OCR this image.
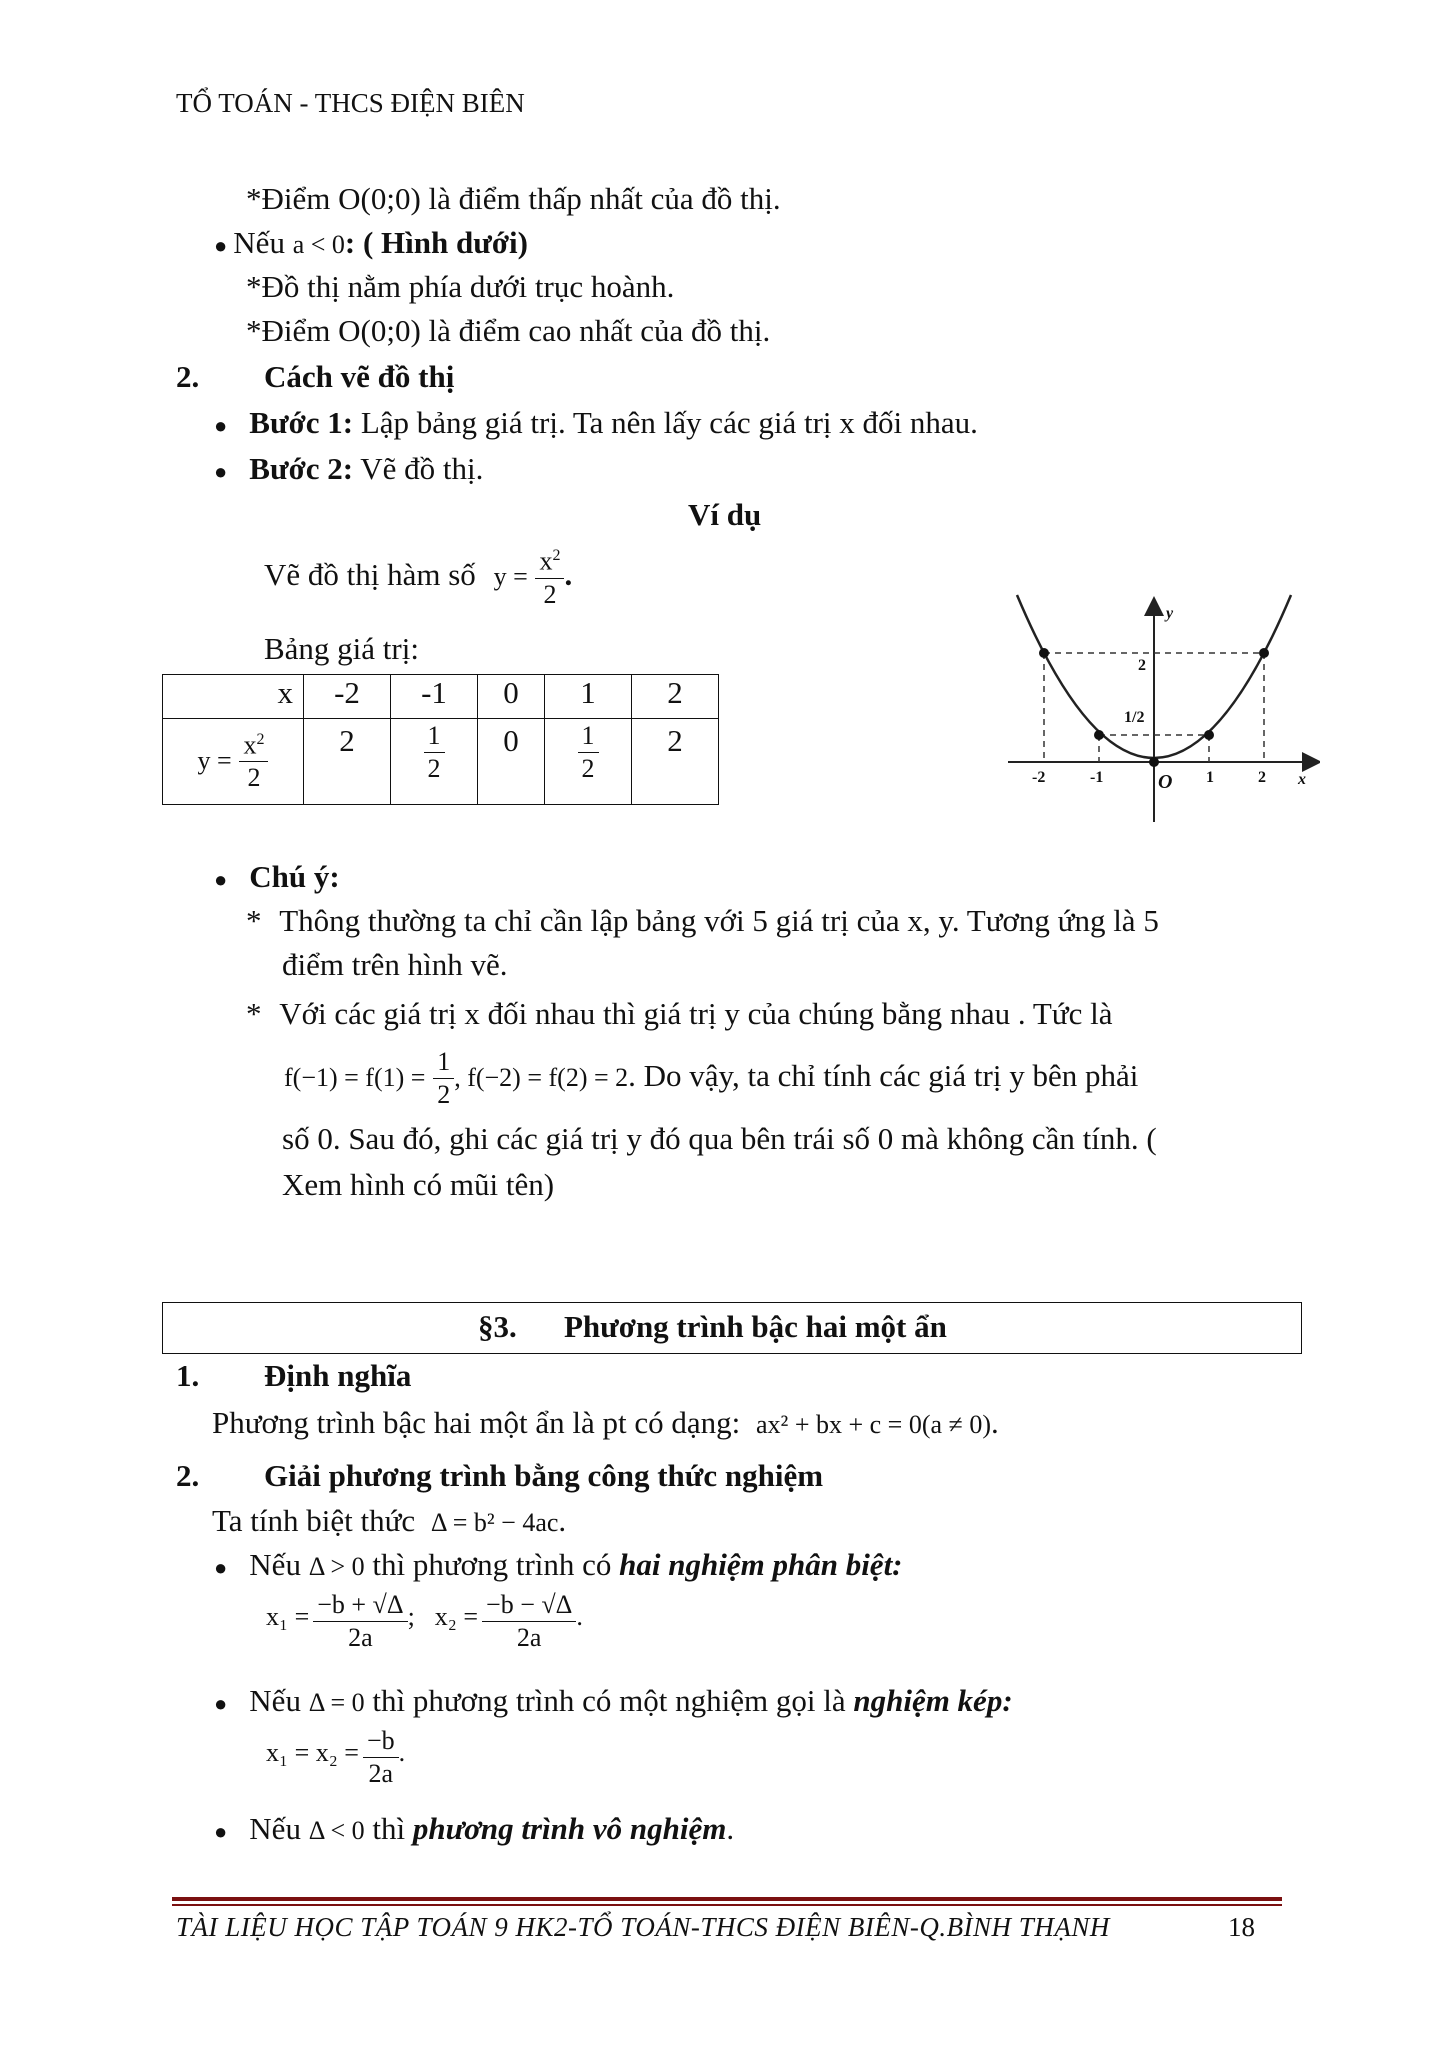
TỔ TOÁN - THCS ĐIỆN BIÊN
*Điểm O(0;0) là điểm thấp nhất của đồ thị.
● Nếu a < 0: ( Hình dưới)
*Đồ thị nằm phía dưới trục hoành.
*Điểm O(0;0) là điểm cao nhất của đồ thị.
2. Cách vẽ đồ thị
● Bước 1: Lập bảng giá trị. Ta nên lấy các giá trị x đối nhau.
● Bước 2: Vẽ đồ thị.
Ví dụ
Vẽ đồ thị hàm số $y = \frac{x^2}{2}$ .
Bảng giá trị:
x	-2	-1	0	1	2
$y = \frac{x^2}{2}$	2	$\frac{1}{2}$	0	$\frac{1}{2}$	2
y
x
O
-2	-1	1	2
2
1/2
● Chú ý:
* Thông thường ta chỉ cần lập bảng với 5 giá trị của x, y. Tương ứng là 5
điểm trên hình vẽ.
* Với các giá trị x đối nhau thì giá trị y của chúng bằng nhau . Tức là
$f(-1) = f(1) = \frac{1}{2}$ , f(−2) = f(2) = 2. Do vậy, ta chỉ tính các giá trị y bên phải
số 0. Sau đó, ghi các giá trị y đó qua bên trái số 0 mà không cần tính. (
Xem hình có mũi tên)
§3. Phương trình bậc hai một ẩn
1. Định nghĩa
Phương trình bậc hai một ẩn là pt có dạng: ax² + bx + c = 0(a ≠ 0).
2. Giải phương trình bằng công thức nghiệm
Ta tính biệt thức Δ = b² − 4ac.
● Nếu Δ > 0 thì phương trình có hai nghiệm phân biệt:
$x_1 = \frac{-b + √\Delta}{2a}$ ; $x_2 = \frac{-b - √\Delta}{2a}$ .
● Nếu Δ = 0 thì phương trình có một nghiệm gọi là nghiệm kép:
$x_1 = x_2 = \frac{-b}{2a}$ .
● Nếu Δ < 0 thì phương trình vô nghiệm.
TÀI LIỆU HỌC TẬP TOÁN 9 HK2-TỔ TOÁN-THCS ĐIỆN BIÊN-Q.BÌNH THẠNH	18
